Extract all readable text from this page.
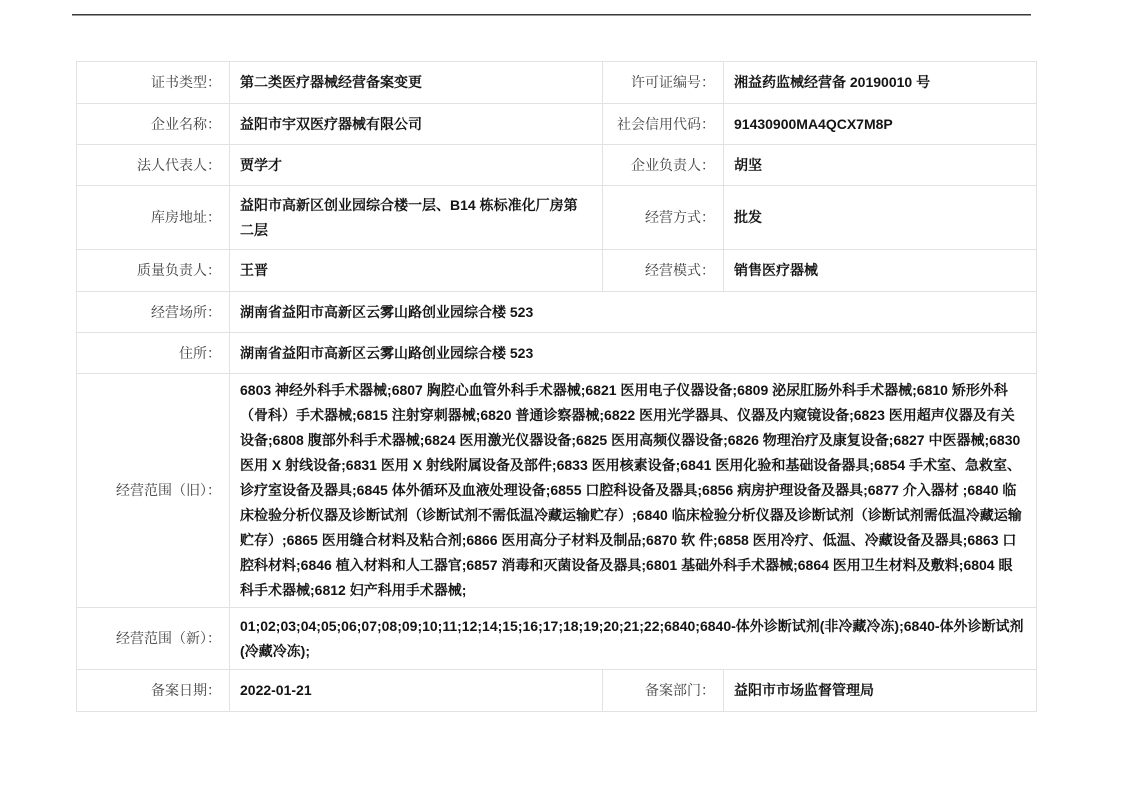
证书类型：	第二类医疗器械经营备案变更	许可证编号：	湘益药监械经营备 20190010 号
企业名称：	益阳市宇双医疗器械有限公司	社会信用代码：	91430900MA4QCX7M8P
法人代表人：	贾学才	企业负责人：	胡坚
库房地址：	益阳市高新区创业园综合楼一层、B14 栋标准化厂房第二层	经营方式：	批发
质量负责人：	王晋	经营模式：	销售医疗器械
经营场所：	湖南省益阳市高新区云雾山路创业园综合楼 523		
住所：	湖南省益阳市高新区云雾山路创业园综合楼 523		
经营范围（旧）：	6803 神经外科手术器械;6807 胸腔心血管外科手术器械;6821 医用电子仪器设备;6809 泌尿肛肠外科手术器械;6810 矫形外科（骨科）手术器械;6815 注射穿刺器械;6820 普通诊察器械;6822 医用光学器具、仪器及内窥镜设备;6823 医用超声仪器及有关设备;6808 腹部外科手术器械;6824 医用激光仪器设备;6825 医用高频仪器设备;6826 物理治疗及康复设备;6827 中医器械;6830 医用 X 射线设备;6831 医用 X 射线附属设备及部件;6833 医用核素设备;6841 医用化验和基础设备器具;6854 手术室、急救室、诊疗室设备及器具;6845 体外循环及血液处理设备;6855 口腔科设备及器具;6856 病房护理设备及器具;6877 介入器材 ;6840 临床检验分析仪器及诊断试剂（诊断试剂不需低温冷藏运输贮存）;6840 临床检验分析仪器及诊断试剂（诊断试剂需低温冷藏运输贮存）;6865 医用缝合材料及粘合剂;6866 医用高分子材料及制品;6870 软 件;6858 医用冷疗、低温、冷藏设备及器具;6863 口腔科材料;6846 植入材料和人工器官;6857 消毒和灭菌设备及器具;6801 基础外科手术器械;6864 医用卫生材料及敷料;6804 眼科手术器械;6812 妇产科用手术器械;		
经营范围（新）：	01;02;03;04;05;06;07;08;09;10;11;12;14;15;16;17;18;19;20;21;22;6840;6840-体外诊断试剂(非冷藏冷冻);6840-体外诊断试剂(冷藏冷冻);		
备案日期：	2022-01-21	备案部门：	益阳市市场监督管理局
